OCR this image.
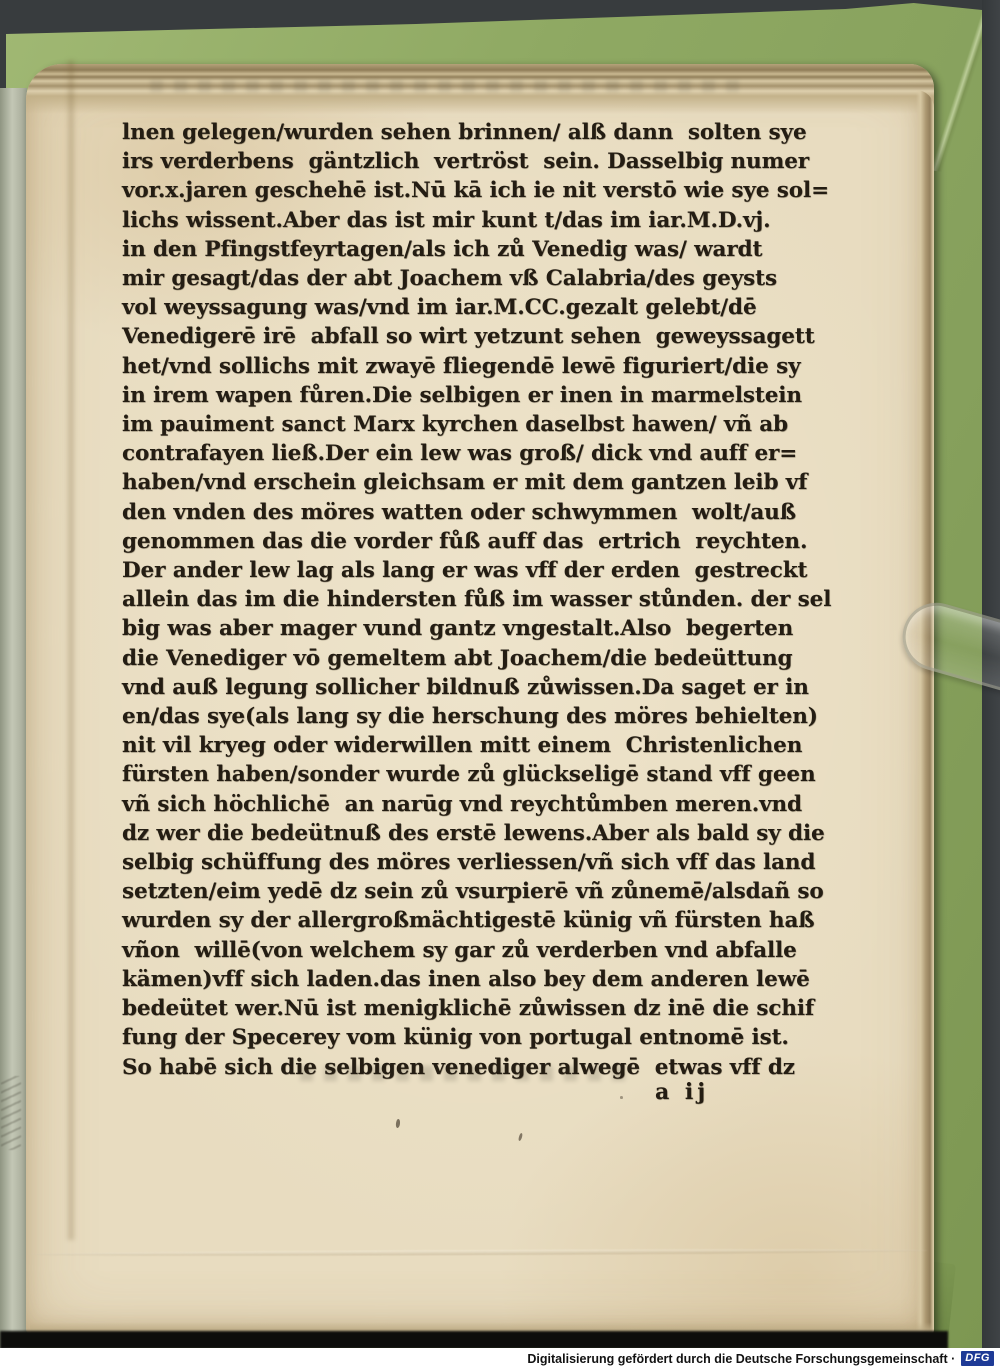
lnen gelegen/wurden sehen brinnen/ alß dann  solten sye
irs verderbens  gäntzlich  vertröst  sein. Dasselbig numer
vor.x.jaren geschehē ist.Nū kā ich ie nit verstō wie sye sol=
lichs wissent.Aber das ist mir kunt t/das im iar.M.D.vj.
in den Pfingstfeyrtagen/als ich zů Venedig was/ wardt
mir gesagt/das der abt Joachem vß Calabria/des geysts
vol weyssagung was/vnd im iar.M.CC.gezalt gelebt/dē
Venedigerē irē  abfall so wirt yetzunt sehen  geweyssagett
het/vnd sollichs mit zwayē fliegendē lewē figuriert/die sy
in irem wapen fůren.Die selbigen er inen in marmelstein
im pauiment sanct Marx kyrchen daselbst hawen/ vñ ab
contrafayen ließ.Der ein lew was groß/ dick vnd auff er=
haben/vnd erschein gleichsam er mit dem gantzen leib vf
den vnden des möres watten oder schwymmen  wolt/auß
genommen das die vorder fůß auff das  ertrich  reychten.
Der ander lew lag als lang er was vff der erden  gestreckt
allein das im die hindersten fůß im wasser stůnden. der sel
big was aber mager vund gantz vngestalt.Also  begerten
die Venediger vō gemeltem abt Joachem/die bedeüttung
vnd auß legung sollicher bildnuß zůwissen.Da saget er in
en/das sye(als lang sy die herschung des möres behielten)
nit vil kryeg oder widerwillen mitt einem  Christenlichen
fürsten haben/sonder wurde zů glückseligē stand vff geen
vñ sich höchlichē  an narūg vnd reychtůmben meren.vnd
dz wer die bedeütnuß des erstē lewens.Aber als bald sy die
selbig schüffung des möres verliessen/vñ sich vff das land
setzten/eim yedē dz sein zů vsurpierē vñ zůnemē/alsdañ so
wurden sy der allergroßmächtigestē künig vñ fürsten haß
vñon  willē(von welchem sy gar zů verderben vnd abfalle
kämen)vff sich laden.das inen also bey dem anderen lewē
bedeütet wer.Nū ist menigklichē zůwissen dz inē die schif
fung der Specerey vom künig von portugal entnomē ist.
So habē sich die selbigen venediger alwegē  etwas vff dz
a ij
Digitalisierung gefördert durch die Deutsche Forschungsgemeinschaft · DFG
